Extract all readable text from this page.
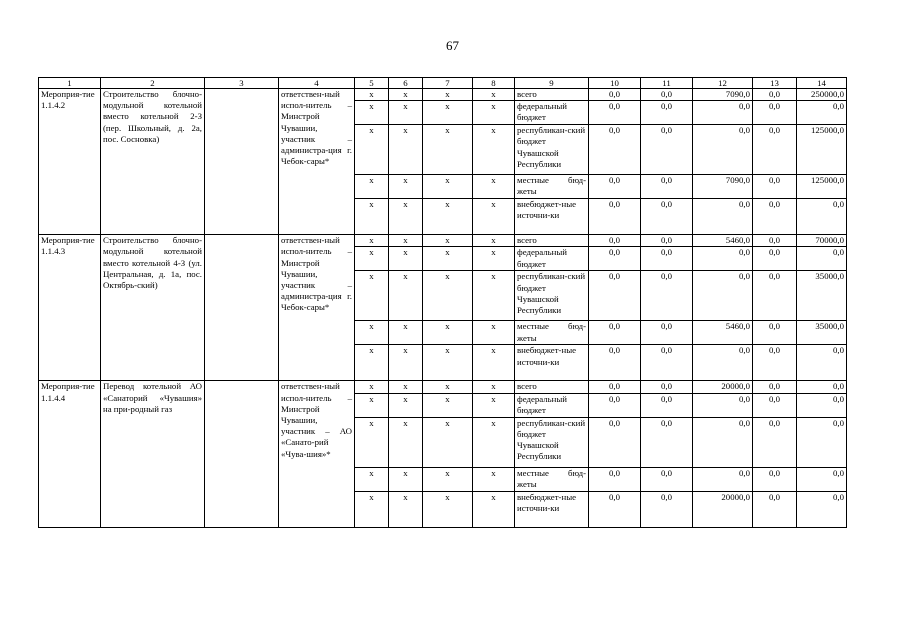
67
1	2	3	4	5	6	7	8	9	10	11	12	13	14
Мероприя-тие 1.1.4.2	Строительство блочно-модульной котельной вместо котельной 2-З (пер. Школьный, д. 2а, пос. Сосновка)		ответствен-ный испол-нитель – Минстрой Чувашии, участник – администра-ция г. Чебок-сары*	x	x	x	x	всего	0,0	0,0	7090,0	0,0	250000,0
				x	x	x	x	федеральный бюджет	0,0	0,0	0,0	0,0	0,0
				x	x	x	x	республикан-ский бюджет Чувашской Республики	0,0	0,0	0,0	0,0	125000,0
				x	x	x	x	местные бюд-жеты	0,0	0,0	7090,0	0,0	125000,0
				x	x	x	x	внебюджет-ные источни-ки	0,0	0,0	0,0	0,0	0,0
Мероприя-тие 1.1.4.3	Строительство блочно-модульной котельной вместо котельной 4-З (ул. Центральная, д. 1а, пос. Октябрь-ский)		ответствен-ный испол-нитель – Минстрой Чувашии, участник – администра-ция г. Чебок-сары*	x	x	x	x	всего	0,0	0,0	5460,0	0,0	70000,0
				x	x	x	x	федеральный бюджет	0,0	0,0	0,0	0,0	0,0
				x	x	x	x	республикан-ский бюджет Чувашской Республики	0,0	0,0	0,0	0,0	35000,0
				x	x	x	x	местные бюд-жеты	0,0	0,0	5460,0	0,0	35000,0
				x	x	x	x	внебюджет-ные источни-ки	0,0	0,0	0,0	0,0	0,0
Мероприя-тие 1.1.4.4	Перевод котельной АО «Санаторий «Чувашия» на при-родный газ		ответствен-ный испол-нитель – Минстрой Чувашии, участник – АО «Санато-рий «Чува-шия»*	x	x	x	x	всего	0,0	0,0	20000,0	0,0	0,0
				x	x	x	x	федеральный бюджет	0,0	0,0	0,0	0,0	0,0
				x	x	x	x	республикан-ский бюджет Чувашской Республики	0,0	0,0	0,0	0,0	0,0
				x	x	x	x	местные бюд-жеты	0,0	0,0	0,0	0,0	0,0
				x	x	x	x	внебюджет-ные источни-ки	0,0	0,0	20000,0	0,0	0,0
